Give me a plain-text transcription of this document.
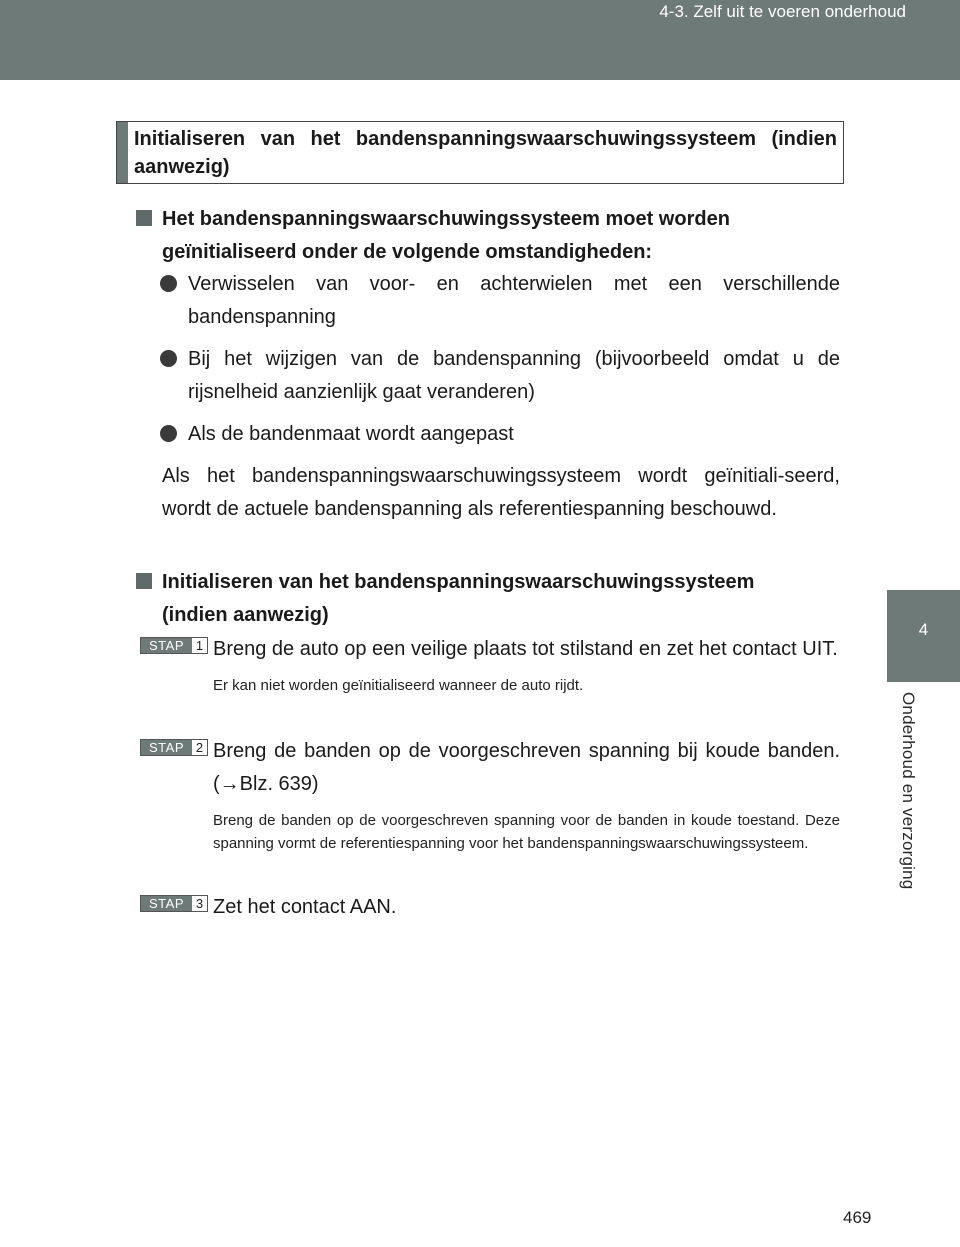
4-3. Zelf uit te voeren onderhoud
4
Onderhoud en verzorging
Initialiseren van het bandenspanningswaarschuwingssysteem (indien aanwezig)
Het bandenspanningswaarschuwingssysteem moet worden
geïnitialiseerd onder de volgende omstandigheden:
Verwisselen van voor- en achterwielen met een verschillende bandenspanning
Bij het wijzigen van de bandenspanning (bijvoorbeeld omdat u de rijsnelheid aanzienlijk gaat veranderen)
Als de bandenmaat wordt aangepast
Als het bandenspanningswaarschuwingssysteem wordt geïnitiali-seerd, wordt de actuele bandenspanning als referentiespanning beschouwd.
Initialiseren van het bandenspanningswaarschuwingssysteem
(indien aanwezig)
STAP 1 Breng de auto op een veilige plaats tot stilstand en zet het contact UIT.
Er kan niet worden geïnitialiseerd wanneer de auto rijdt.
STAP 2 Breng de banden op de voorgeschreven spanning bij koude banden. (→Blz. 639)
Breng de banden op de voorgeschreven spanning voor de banden in koude toestand. Deze spanning vormt de referentiespanning voor het bandenspanningswaarschuwingssysteem.
STAP 3 Zet het contact AAN.
469
